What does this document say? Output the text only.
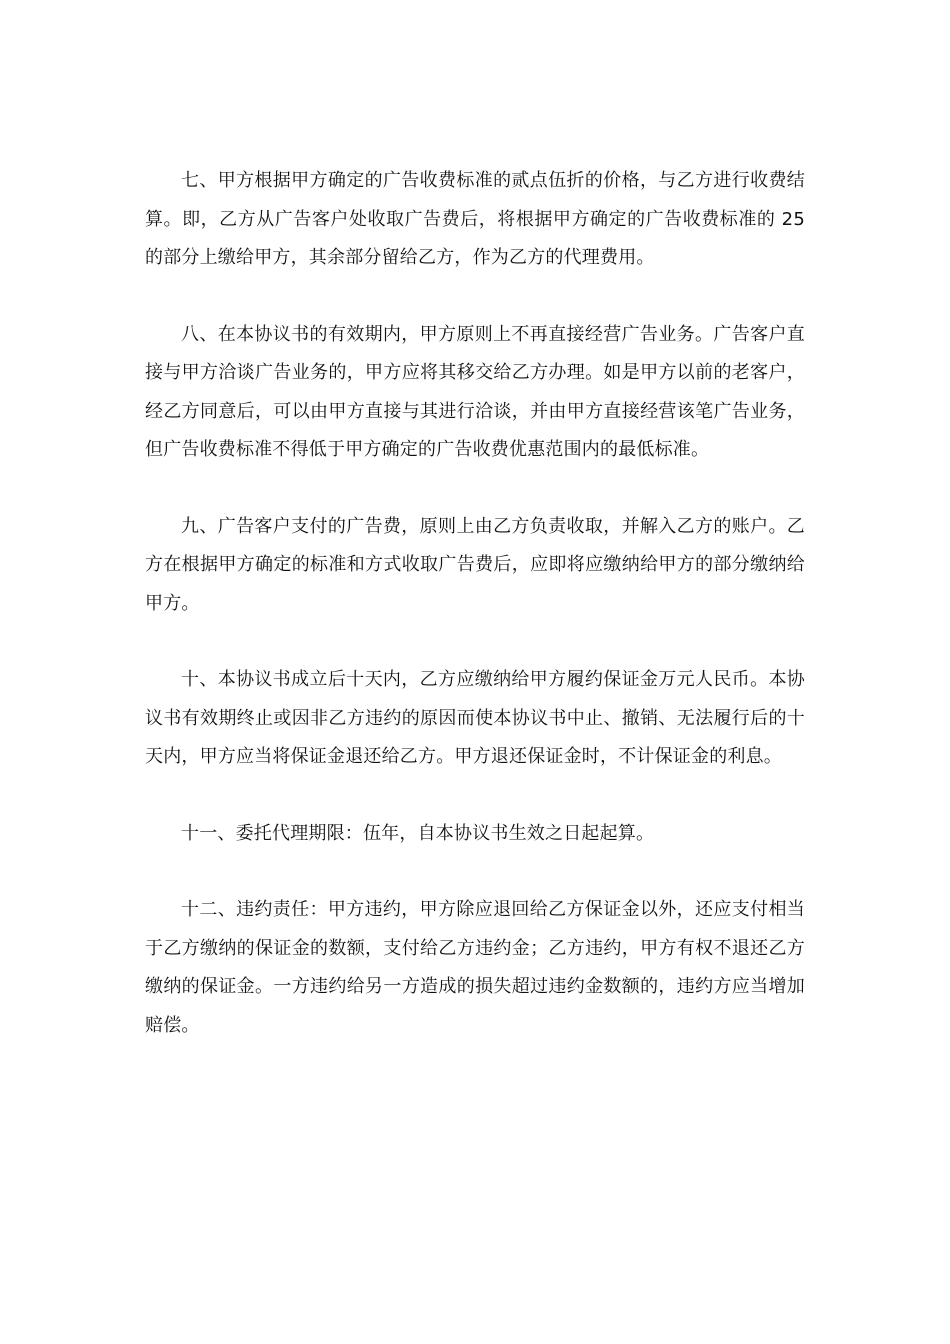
七、甲方根据甲方确定的广告收费标准的贰点伍折的价格，与乙方进行收费结算。即，乙方从广告客户处收取广告费后，将根据甲方确定的广告收费标准的 25 的部分上缴给甲方，其余部分留给乙方，作为乙方的代理费用。

八、在本协议书的有效期内，甲方原则上不再直接经营广告业务。广告客户直接与甲方洽谈广告业务的，甲方应将其移交给乙方办理。如是甲方以前的老客户，经乙方同意后，可以由甲方直接与其进行洽谈，并由甲方直接经营该笔广告业务，但广告收费标准不得低于甲方确定的广告收费优惠范围内的最低标准。

九、广告客户支付的广告费，原则上由乙方负责收取，并解入乙方的账户。乙方在根据甲方确定的标准和方式收取广告费后，应即将应缴纳给甲方的部分缴纳给甲方。

十、本协议书成立后十天内，乙方应缴纳给甲方履约保证金万元人民币。本协议书有效期终止或因非乙方违约的原因而使本协议书中止、撤销、无法履行后的十天内，甲方应当将保证金退还给乙方。甲方退还保证金时，不计保证金的利息。

十一、委托代理期限：伍年，自本协议书生效之日起起算。

十二、违约责任：甲方违约，甲方除应退回给乙方保证金以外，还应支付相当于乙方缴纳的保证金的数额，支付给乙方违约金；乙方违约，甲方有权不退还乙方缴纳的保证金。一方违约给另一方造成的损失超过违约金数额的，违约方应当增加赔偿。
